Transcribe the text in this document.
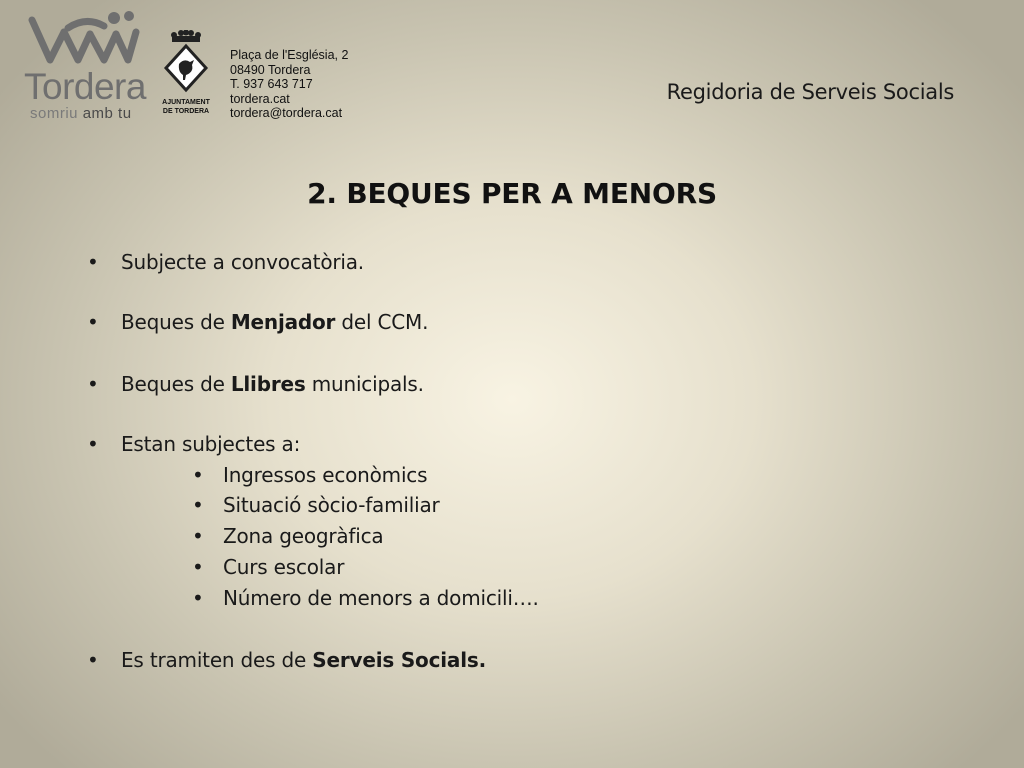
Tordera
somriu amb tu
AJUNTAMENT
DE TORDERA
Plaça de l'Església, 2
08490 Tordera
T. 937 643 717
tordera.cat
tordera@tordera.cat
Regidoria de Serveis Socials
2. BEQUES PER A MENORS
• Subjecte a convocatòria.
• Beques de Menjador del CCM.
• Beques de Llibres municipals.
• Estan subjectes a:
• Ingressos econòmics
• Situació sòcio-familiar
• Zona geogràfica
• Curs escolar
• Número de menors a domicili….
• Es tramiten des de Serveis Socials.
